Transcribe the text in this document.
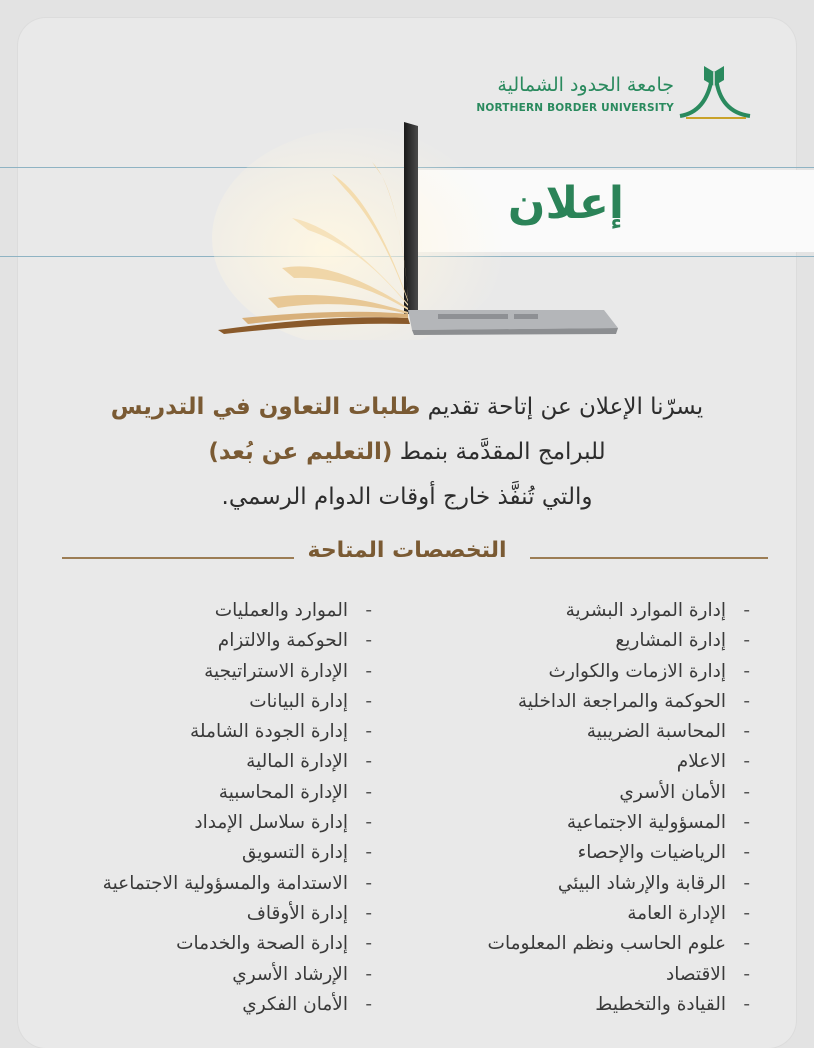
جامعة الحدود الشمالية
NORTHERN BORDER UNIVERSITY
إعلان
يسرّنا الإعلان عن إتاحة تقديم طلبات التعاون في التدريس
للبرامج المقدَّمة بنمط (التعليم عن بُعد)
والتي تُنفَّذ خارج أوقات الدوام الرسمي.
التخصصات المتاحة
- إدارة الموارد البشرية
- إدارة المشاريع
- إدارة الازمات والكوارث
- الحوكمة والمراجعة الداخلية
- المحاسبة الضريبية
- الاعلام
- الأمان الأسري
- المسؤولية الاجتماعية
- الرياضيات والإحصاء
- الرقابة والإرشاد البيئي
- الإدارة العامة
- علوم الحاسب ونظم المعلومات
- الاقتصاد
- القيادة والتخطيط
- الموارد والعمليات
- الحوكمة والالتزام
- الإدارة الاستراتيجية
- إدارة البيانات
- إدارة الجودة الشاملة
- الإدارة المالية
- الإدارة المحاسبية
- إدارة سلاسل الإمداد
- إدارة التسويق
- الاستدامة والمسؤولية الاجتماعية
- إدارة الأوقاف
- إدارة الصحة والخدمات
- الإرشاد الأسري
- الأمان الفكري
